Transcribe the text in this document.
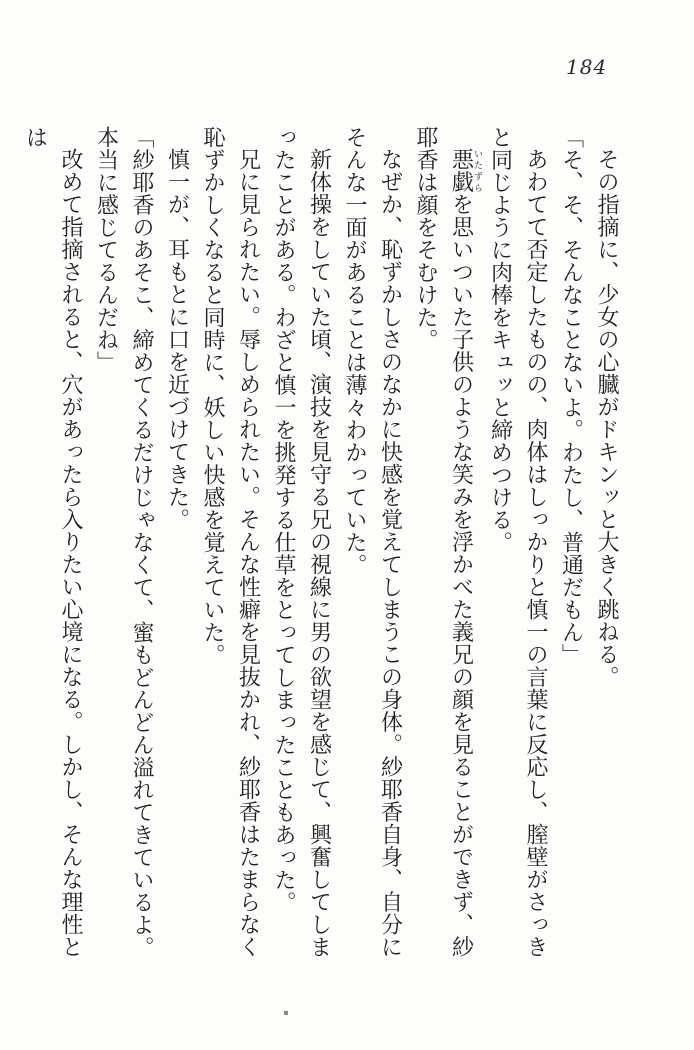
184

その指摘に、少女の心臓がドキンッと大きく跳ねる。

「そ、そ、そんなことないよ。わたし、普通だもん」

あわてて否定したものの、肉体はしっかりと慎一の言葉に反応し、膣壁がさっきと同じように肉棒をキュッと締めつける。

悪戯いたずらを思いついた子供のような笑みを浮かべた義兄の顔を見ることができず、紗耶香は顔をそむけた。

なぜか、恥ずかしさのなかに快感を覚えてしまうこの身体。紗耶香自身、自分にそんな一面があることは薄々わかっていた。

新体操をしていた頃、演技を見守る兄の視線に男の欲望を感じて、興奮してしまったことがある。わざと慎一を挑発する仕草をとってしまったこともあった。

兄に見られたい。辱しめられたい。そんな性癖を見抜かれ、紗耶香はたまらなく恥ずかしくなると同時に、妖しい快感を覚えていた。

慎一が、耳もとに口を近づけてきた。

「紗耶香のあそこ、締めてくるだけじゃなくて、蜜もどんどん溢れてきているよ。本当に感じてるんだね」

改めて指摘されると、穴があったら入りたい心境になる。しかし、そんな理性とは
